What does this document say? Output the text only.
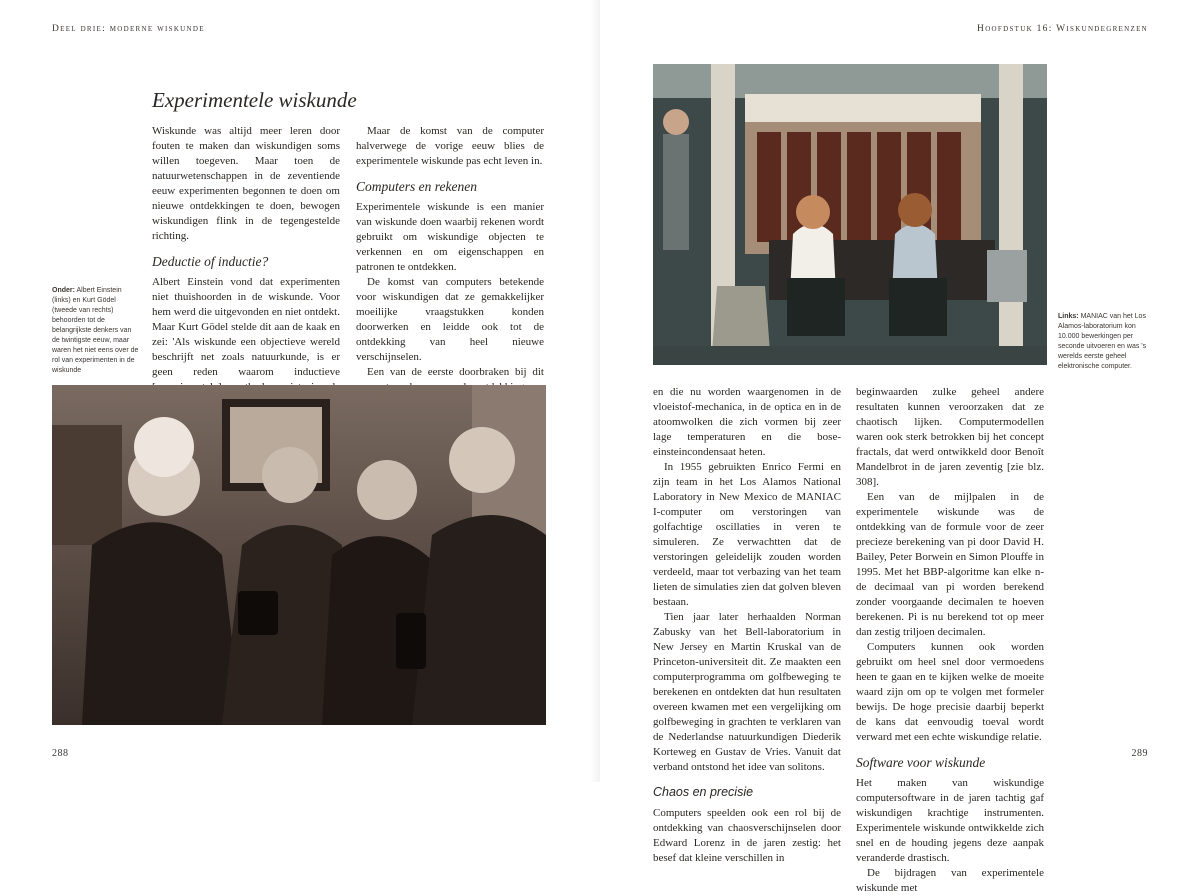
Deel drie: moderne wiskunde
Experimentele wiskunde

Wiskunde was altijd meer leren door fouten te maken dan wiskundigen soms willen toegeven. Maar toen de natuurwetenschappen in de zeventiende eeuw experimenten begonnen te doen om nieuwe ontdekkingen te doen, bewogen wiskundigen flink in de tegengestelde richting.

Deductie of inductie?

Albert Einstein vond dat experimenten niet thuishoorden in de wiskunde. Voor hem werd die uitgevonden en niet ontdekt. Maar Kurt Gödel stelde dit aan de kaak en zei: 'Als wiskunde een objectieve wereld beschrijft net zoals natuurkunde, is er geen reden waarom inductieve

Maar de komst van de computer halverwege de vorige eeuw blies de experimentele wiskunde pas echt leven in.

Computers en rekenen

Experimentele wiskunde is een manier van wiskunde doen waarbij rekenen wordt gebruikt om wiskundige objecten te verkennen en om eigenschappen en patronen te ontdekken.

De komst van computers betekende voor wiskundigen dat ze gemakkelijker moeilijke vraagstukken konden doorwerken en leidde ook tot de ontdekking van heel nieuwe verschijnselen.

Een van de eerste doorbraken bij dit

Onder: Albert Einstein (links) en Kurt Gödel (tweede van rechts) behoorden tot de belangrijkste denkers van de twintigste eeuw, maar waren het niet eens over de rol van experimenten in de wiskunde
288
Hoofdstuk 16: Wiskundegrenzen
Links: MANIAC van het Los Alamos-laboratorium kon 10.000 bewerkingen per seconde uitvoeren en was 's werelds eerste geheel elektronische computer.

en die nu worden waargenomen in de vloeistof-mechanica, in de optica en in de atoomwolken die zich vormen bij zeer lage temperaturen en die bose-einsteincondensaat heten.

In 1955 gebruikten Enrico Fermi en zijn team in het Los Alamos National Laboratory in New Mexico de MANIAC I-computer om verstoringen van golfachtige oscillaties in veren te simuleren. Ze verwachtten dat de verstoringen geleidelijk zouden worden verdeeld, maar tot verbazing van het team lieten de simulaties zien dat golven bleven bestaan.

Tien jaar later herhaalden Norman Zabusky van het Bell-laboratorium in New Jersey en Martin Kruskal van de Princeton-universiteit dit. Ze maakten een computerprogramma om golfbeweging te berekenen en ontdekten dat hun resultaten overeen kwamen met een vergelijking om golfbeweging in grachten te verklaren van de Nederlandse natuurkundigen Diederik Korteweg en Gustav de Vries. Vanuit dat verband ontstond het idee van solitons.

Chaos en precisie

Computers speelden ook een rol bij de ontdekking van chaosverschijnselen door Edward Lorenz in de jaren zestig: het besef dat kleine verschillen in

beginwaarden zulke geheel andere resultaten kunnen veroorzaken dat ze chaotisch lijken. Computermodellen waren ook sterk betrokken bij het concept fractals, dat werd ontwikkeld door Benoît Mandelbrot in de jaren zeventig [zie blz. 308].

Een van de mijlpalen in de experimentele wiskunde was de ontdekking van de formule voor de zeer precieze berekening van pi door David H. Bailey, Peter Borwein en Simon Plouffe in 1995. Met het BBP-algoritme kan elke n-de decimaal van pi worden berekend zonder voorgaande decimalen te hoeven berekenen. Pi is nu berekend tot op meer dan zestig triljoen decimalen.

Computers kunnen ook worden gebruikt om heel snel door vermoedens heen te gaan en te kijken welke de moeite waard zijn om op te volgen met formeler bewijs. De hoge precisie daarbij beperkt de kans dat eenvoudig toeval wordt verward met een echte wiskundige relatie.

Software voor wiskunde

Het maken van wiskundige computersoftware in de jaren tachtig gaf wiskundigen krachtige instrumenten. Experimentele wiskunde ontwikkelde zich snel en de houding jegens deze aanpak veranderde drastisch.

De bijdragen van experimentele wiskunde met

289
